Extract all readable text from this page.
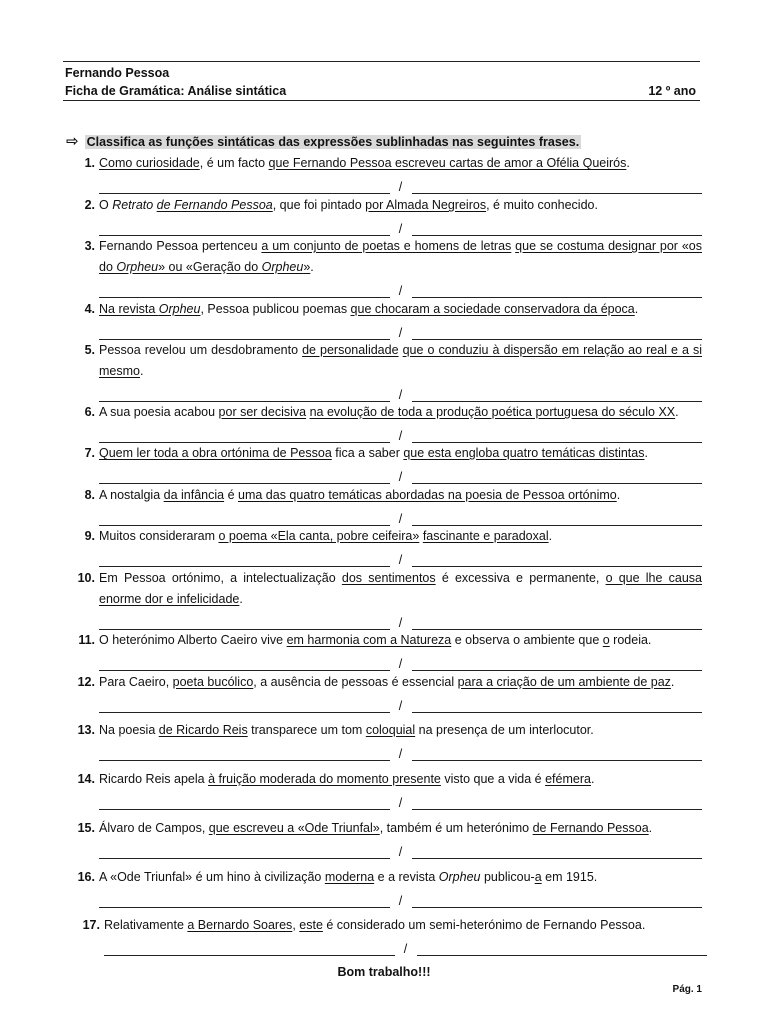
Fernando Pessoa
Ficha de Gramática: Análise sintática	12 º ano
⇨ Classifica as funções sintáticas das expressões sublinhadas nas seguintes frases.
1. Como curiosidade, é um facto que Fernando Pessoa escreveu cartas de amor a Ofélia Queirós.
/
2. O Retrato de Fernando Pessoa, que foi pintado por Almada Negreiros, é muito conhecido.
/
3. Fernando Pessoa pertenceu a um conjunto de poetas e homens de letras que se costuma designar por «os do Orpheu» ou «Geração do Orpheu».
/
4. Na revista Orpheu, Pessoa publicou poemas que chocaram a sociedade conservadora da época.
/
5. Pessoa revelou um desdobramento de personalidade que o conduziu à dispersão em relação ao real e a si mesmo.
/
6. A sua poesia acabou por ser decisiva na evolução de toda a produção poética portuguesa do século XX.
/
7. Quem ler toda a obra ortónima de Pessoa fica a saber que esta engloba quatro temáticas distintas.
/
8. A nostalgia da infância é uma das quatro temáticas abordadas na poesia de Pessoa ortónimo.
/
9. Muitos consideraram o poema «Ela canta, pobre ceifeira» fascinante e paradoxal.
/
10. Em Pessoa ortónimo, a intelectualização dos sentimentos é excessiva e permanente, o que lhe causa enorme dor e infelicidade.
/
11. O heterónimo Alberto Caeiro vive em harmonia com a Natureza e observa o ambiente que o rodeia.
/
12. Para Caeiro, poeta bucólico, a ausência de pessoas é essencial para a criação de um ambiente de paz.
/
13. Na poesia de Ricardo Reis transparece um tom coloquial na presença de um interlocutor.
/
14. Ricardo Reis apela à fruição moderada do momento presente visto que a vida é efémera.
/
15. Álvaro de Campos, que escreveu a «Ode Triunfal», também é um heterónimo de Fernando Pessoa.
/
16. A «Ode Triunfal» é um hino à civilização moderna e a revista Orpheu publicou-a em 1915.
/
17. Relativamente a Bernardo Soares, este é considerado um semi-heterónimo de Fernando Pessoa.
/
Bom trabalho!!!
Pág. 1
